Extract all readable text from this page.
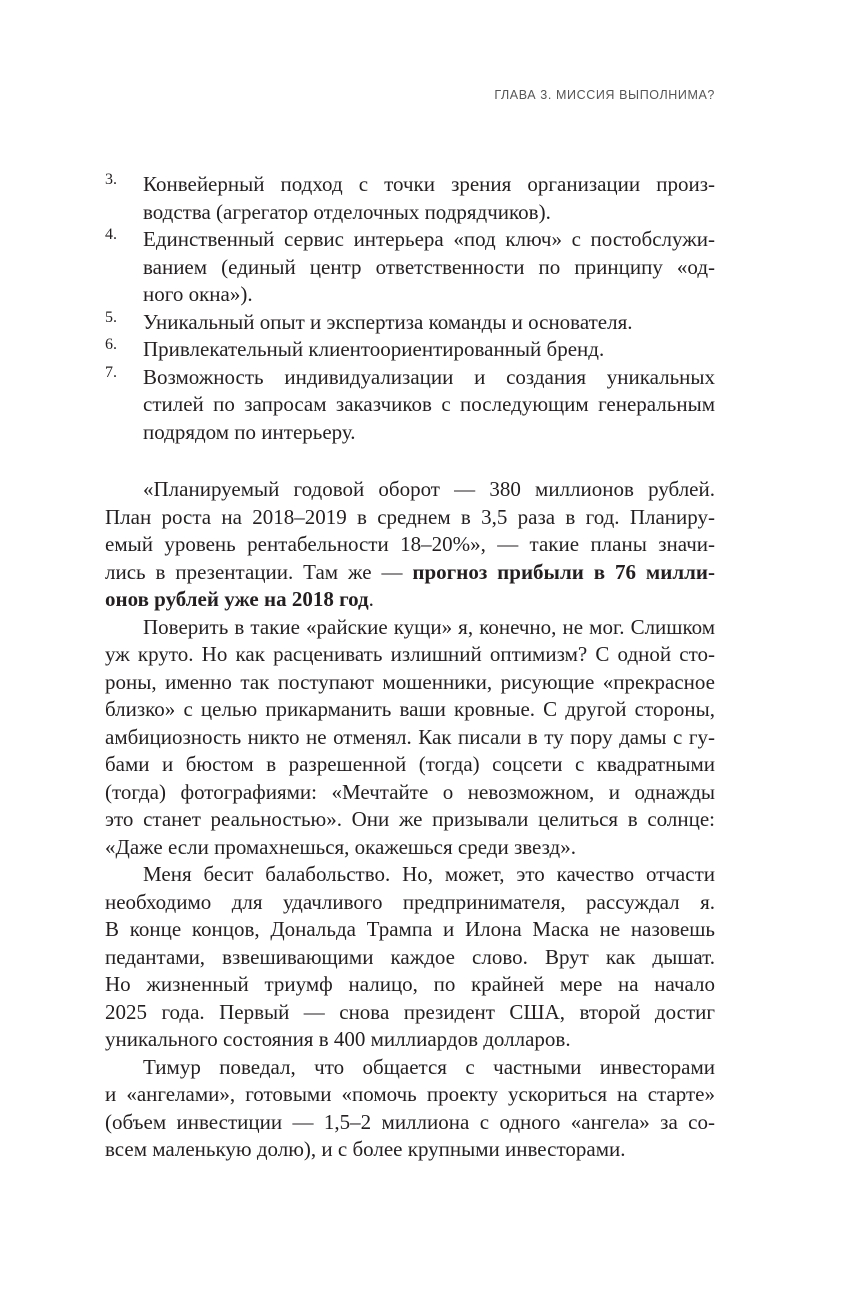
ГЛАВА 3. МИССИЯ ВЫПОЛНИМА?
3.	Конвейерный подход с точки зрения организации произ-
водства (агрегатор отделочных подрядчиков).
4.	Единственный сервис интерьера «под ключ» с постобслужи-
ванием (единый центр ответственности по принципу «од-
ного окна»).
5.	Уникальный опыт и экспертиза команды и основателя.
6.	Привлекательный клиентоориентированный бренд.
7.	Возможность индивидуализации и создания уникальных
стилей по запросам заказчиков с последующим генеральным
подрядом по интерьеру.
«Планируемый годовой оборот — 380 миллионов рублей.
План роста на 2018–2019 в среднем в 3,5 раза в год. Планиру-
емый уровень рентабельности 18–20%», — такие планы значи-
лись в презентации. Там же — прогноз прибыли в 76 милли-
онов рублей уже на 2018 год.
Поверить в такие «райские кущи» я, конечно, не мог. Слишком
уж круто. Но как расценивать излишний оптимизм? С одной сто-
роны, именно так поступают мошенники, рисующие «прекрасное
близко» с целью прикарманить ваши кровные. С другой стороны,
амбициозность никто не отменял. Как писали в ту пору дамы с гу-
бами и бюстом в разрешенной (тогда) соцсети с квадратными
(тогда) фотографиями: «Мечтайте о невозможном, и однажды
это станет реальностью». Они же призывали целиться в солнце:
«Даже если промахнешься, окажешься среди звезд».
Меня бесит балабольство. Но, может, это качество отчасти
необходимо для удачливого предпринимателя, рассуждал я.
В конце концов, Дональда Трампа и Илона Маска не назовешь
педантами, взвешивающими каждое слово. Врут как дышат.
Но жизненный триумф налицо, по крайней мере на начало
2025 года. Первый — снова президент США, второй достиг
уникального состояния в 400 миллиардов долларов.
Тимур поведал, что общается с частными инвесторами
и «ангелами», готовыми «помочь проекту ускориться на старте»
(объем инвестиции — 1,5–2 миллиона с одного «ангела» за со-
всем маленькую долю), и с более крупными инвесторами.
